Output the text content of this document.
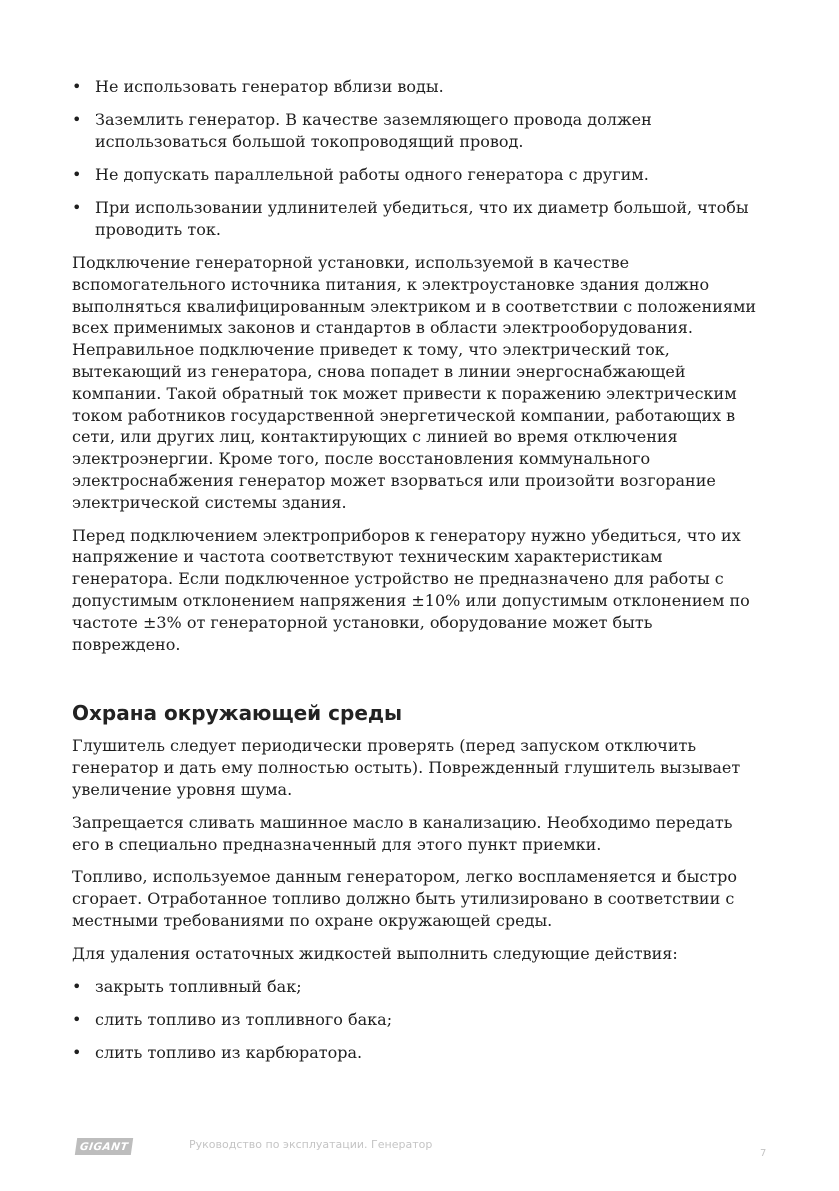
• Не использовать генератор вблизи воды.
• Заземлить генератор. В качестве заземляющего провода должен использоваться большой токопроводящий провод.
• Не допускать параллельной работы одного генератора с другим.
• При использовании удлинителей убедиться, что их диаметр большой, чтобы проводить ток.

Подключение генераторной установки, используемой в качестве вспомогательного источника питания, к электроустановке здания должно выполняться квалифицированным электриком и в соответствии с положениями всех применимых законов и стандартов в области электрооборудования. Неправильное подключение приведет к тому, что электрический ток, вытекающий из генератора, снова попадет в линии энергоснабжающей компании. Такой обратный ток может привести к поражению электрическим током работников государственной энергетической компании, работающих в сети, или других лиц, контактирующих с линией во время отключения электроэнергии. Кроме того, после восстановления коммунального электроснабжения генератор может взорваться или произойти возгорание электрической системы здания.

Перед подключением электроприборов к генератору нужно убедиться, что их напряжение и частота соответствуют техническим характеристикам генератора. Если подключенное устройство не предназначено для работы с допустимым отклонением напряжения ±10% или допустимым отклонением по частоте ±3% от генераторной установки, оборудование может быть повреждено.

Охрана окружающей среды

Глушитель следует периодически проверять (перед запуском отключить генератор и дать ему полностью остыть). Поврежденный глушитель вызывает увеличение уровня шума.

Запрещается сливать машинное масло в канализацию. Необходимо передать его в специально предназначенный для этого пункт приемки.

Топливо, используемое данным генератором, легко воспламеняется и быстро сгорает. Отработанное топливо должно быть утилизировано в соответствии с местными требованиями по охране окружающей среды.

Для удаления остаточных жидкостей выполнить следующие действия:

• закрыть топливный бак;
• слить топливо из топливного бака;
• слить топливо из карбюратора.
GIGANT	Руководство по эксплуатации. Генератор
7
